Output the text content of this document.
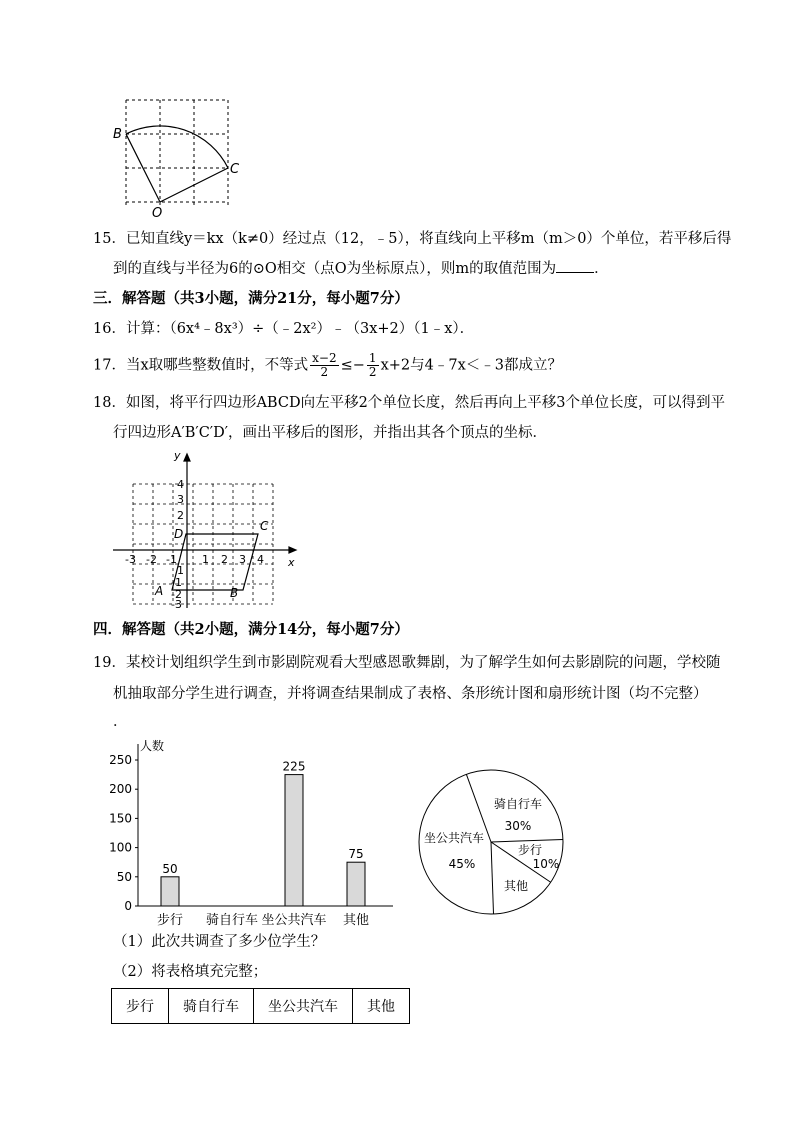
B
C
O
15．已知直线y＝kx（k≠0）经过点（12，﹣5），将直线向上平移m（m＞0）个单位，若平移后得
到的直线与半径为6的⊙O相交（点O为坐标原点），则m的取值范围为	．
三．解答题（共3小题，满分21分，每小题7分）
16．计算：（6x⁴﹣8x³）÷（﹣2x²）﹣（3x+2）（1﹣x）．
17．当x取哪些整数值时，不等式 $\frac{x-2}{2} \le- \frac{1}{2} x+2$与4﹣7x＜﹣3都成立？
18．如图，将平行四边形ABCD向左平移2个单位长度，然后再向上平移3个单位长度，可以得到平
行四边形A′B′C′D′，画出平移后的图形，并指出其各个顶点的坐标．
x
y
-3 -2 -1 1 2 3 4
4
3
2
1
-1
-2
-3
A	B
C
D
四．解答题（共2小题，满分14分，每小题7分）
19．某校计划组织学生到市影剧院观看大型感恩歌舞剧，为了解学生如何去影剧院的问题，学校随
机抽取部分学生进行调查，并将调查结果制成了表格、条形统计图和扇形统计图（均不完整）
．
人数
0
50
100
150
200
250
50
步行 骑自行车
225
坐公共汽车
75
其他
骑自行车
30%
步行
10%
其他
坐公共汽车
45%
（1）此次共调查了多少位学生？
（2）将表格填充完整；
步行	骑自行车	坐公共汽车	其他
